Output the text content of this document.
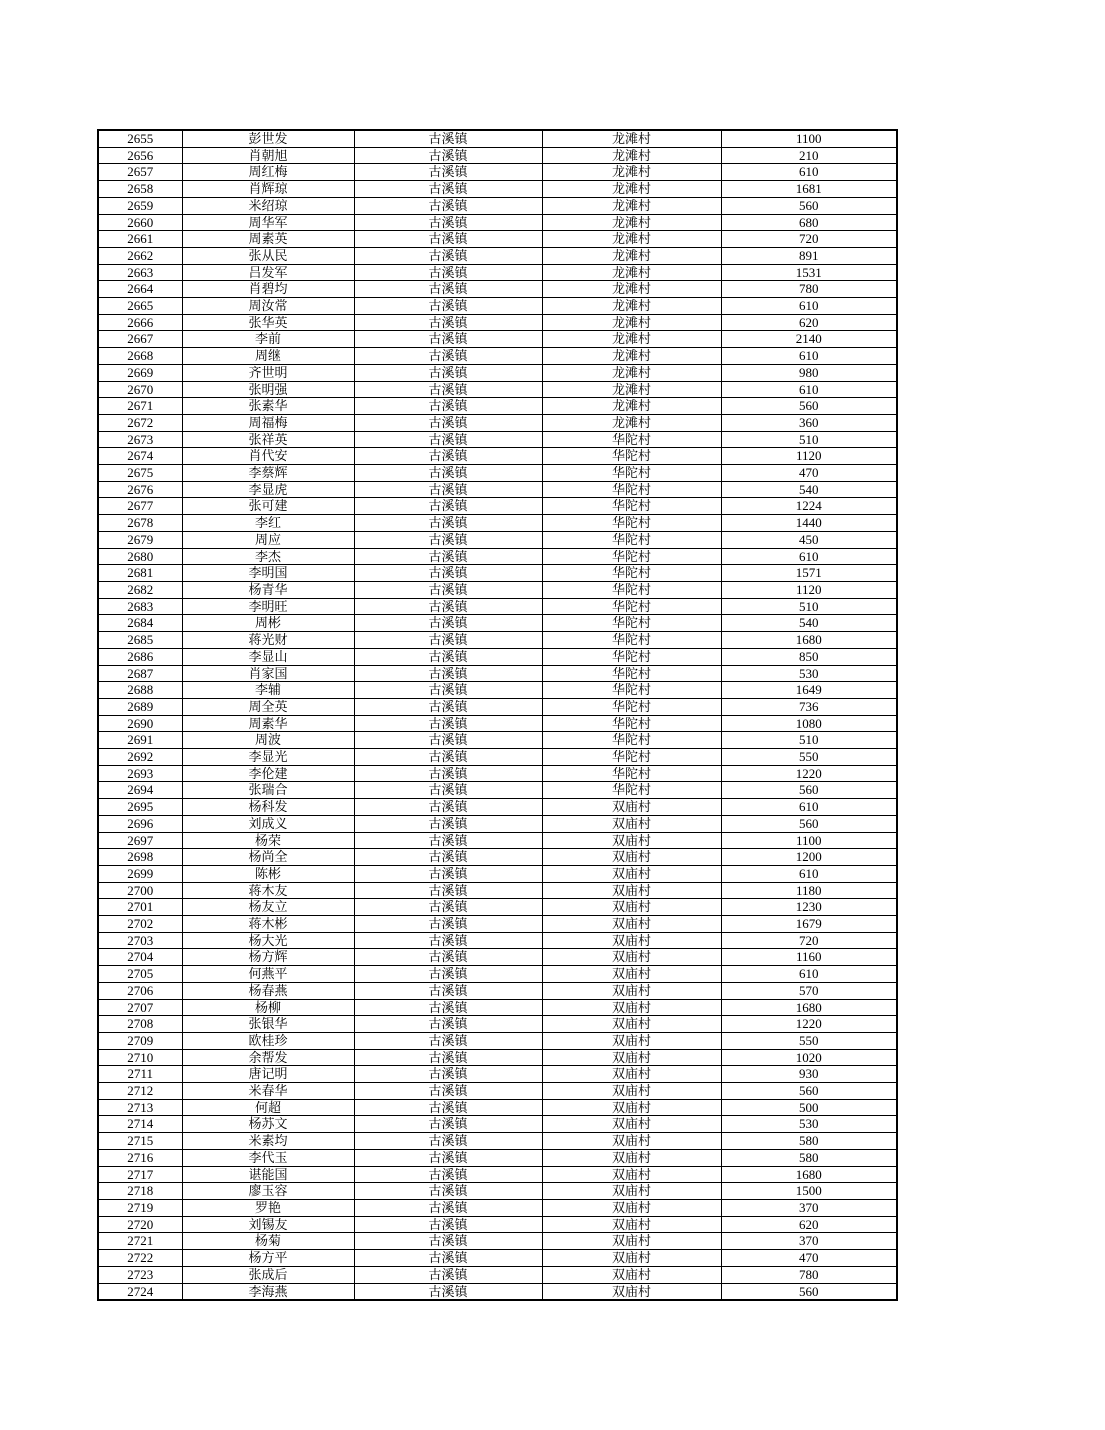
2655	彭世发	古溪镇	龙滩村	1100
2656	肖朝旭	古溪镇	龙滩村	210
2657	周红梅	古溪镇	龙滩村	610
2658	肖辉琼	古溪镇	龙滩村	1681
2659	米绍琼	古溪镇	龙滩村	560
2660	周华军	古溪镇	龙滩村	680
2661	周素英	古溪镇	龙滩村	720
2662	张从民	古溪镇	龙滩村	891
2663	吕发军	古溪镇	龙滩村	1531
2664	肖碧均	古溪镇	龙滩村	780
2665	周汝常	古溪镇	龙滩村	610
2666	张华英	古溪镇	龙滩村	620
2667	李前	古溪镇	龙滩村	2140
2668	周继	古溪镇	龙滩村	610
2669	齐世明	古溪镇	龙滩村	980
2670	张明强	古溪镇	龙滩村	610
2671	张素华	古溪镇	龙滩村	560
2672	周福梅	古溪镇	龙滩村	360
2673	张祥英	古溪镇	华陀村	510
2674	肖代安	古溪镇	华陀村	1120
2675	李蔡辉	古溪镇	华陀村	470
2676	李显虎	古溪镇	华陀村	540
2677	张可建	古溪镇	华陀村	1224
2678	李红	古溪镇	华陀村	1440
2679	周应	古溪镇	华陀村	450
2680	李杰	古溪镇	华陀村	610
2681	李明国	古溪镇	华陀村	1571
2682	杨青华	古溪镇	华陀村	1120
2683	李明旺	古溪镇	华陀村	510
2684	周彬	古溪镇	华陀村	540
2685	蒋光财	古溪镇	华陀村	1680
2686	李显山	古溪镇	华陀村	850
2687	肖家国	古溪镇	华陀村	530
2688	李辅	古溪镇	华陀村	1649
2689	周全英	古溪镇	华陀村	736
2690	周素华	古溪镇	华陀村	1080
2691	周波	古溪镇	华陀村	510
2692	李显光	古溪镇	华陀村	550
2693	李伦建	古溪镇	华陀村	1220
2694	张瑞合	古溪镇	华陀村	560
2695	杨科发	古溪镇	双庙村	610
2696	刘成义	古溪镇	双庙村	560
2697	杨荣	古溪镇	双庙村	1100
2698	杨尚全	古溪镇	双庙村	1200
2699	陈彬	古溪镇	双庙村	610
2700	蒋木友	古溪镇	双庙村	1180
2701	杨友立	古溪镇	双庙村	1230
2702	蒋木彬	古溪镇	双庙村	1679
2703	杨大光	古溪镇	双庙村	720
2704	杨方辉	古溪镇	双庙村	1160
2705	何燕平	古溪镇	双庙村	610
2706	杨春燕	古溪镇	双庙村	570
2707	杨柳	古溪镇	双庙村	1680
2708	张银华	古溪镇	双庙村	1220
2709	欧桂珍	古溪镇	双庙村	550
2710	余帮发	古溪镇	双庙村	1020
2711	唐记明	古溪镇	双庙村	930
2712	米春华	古溪镇	双庙村	560
2713	何超	古溪镇	双庙村	500
2714	杨苏文	古溪镇	双庙村	530
2715	米素均	古溪镇	双庙村	580
2716	李代玉	古溪镇	双庙村	580
2717	谌能国	古溪镇	双庙村	1680
2718	廖玉容	古溪镇	双庙村	1500
2719	罗艳	古溪镇	双庙村	370
2720	刘锡友	古溪镇	双庙村	620
2721	杨菊	古溪镇	双庙村	370
2722	杨方平	古溪镇	双庙村	470
2723	张成后	古溪镇	双庙村	780
2724	李海燕	古溪镇	双庙村	560
